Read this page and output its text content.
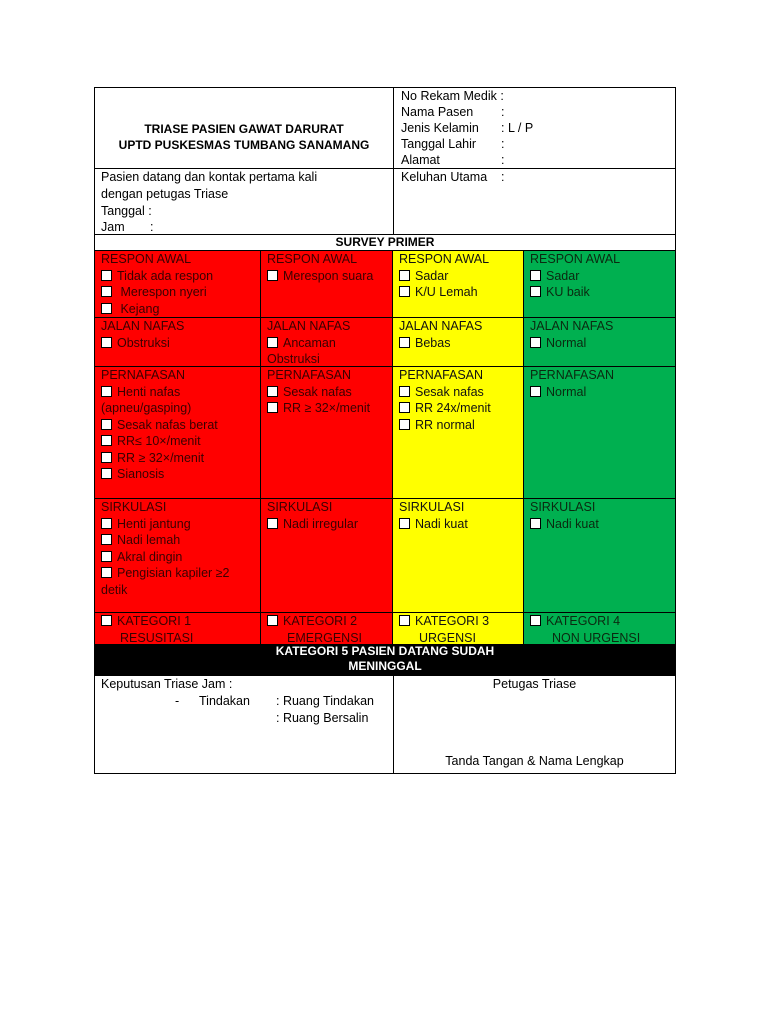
TRIASE PASIEN GAWAT DARURAT
UPTD PUSKESMAS TUMBANG SANAMANG
No Rekam Medik :
Nama Pasen :
Jenis Kelamin : L / P
Tanggal Lahir :
Alamat	:
Pasien datang dan kontak pertama kali
dengan petugas Triase
Tanggal :
Jam :
Keluhan Utama :
SURVEY PRIMER
RESPON AWAL
Tidak ada respon
Merespon nyeri
Kejang
RESPON AWAL
Merespon suara
RESPON AWAL
Sadar
K/U Lemah
RESPON AWAL
Sadar
KU baik
JALAN NAFAS
Obstruksi
JALAN NAFAS
Ancaman
Obstruksi
JALAN NAFAS
Bebas
JALAN NAFAS
Normal
PERNAFASAN
Henti nafas
(apneu/gasping)
Sesak nafas berat
RR≤ 10×/menit
RR ≥ 32×/menit
Sianosis
PERNAFASAN
Sesak nafas
RR ≥ 32×/menit
PERNAFASAN
Sesak nafas
RR 24x/menit
RR normal
PERNAFASAN
Normal
SIRKULASI
Henti jantung
Nadi lemah
Akral dingin
Pengisian kapiler ≥2
detik
SIRKULASI
Nadi irregular
SIRKULASI
Nadi kuat
SIRKULASI
Nadi kuat
KATEGORI 1
RESUSITASI
KATEGORI 2
EMERGENSI
KATEGORI 3
URGENSI
KATEGORI 4
NON URGENSI
KATEGORI 5 PASIEN DATANG SUDAH
MENINGGAL
Keputusan Triase Jam :
- Tindakan : Ruang Tindakan
: Ruang Bersalin
Petugas Triase
Tanda Tangan & Nama Lengkap
